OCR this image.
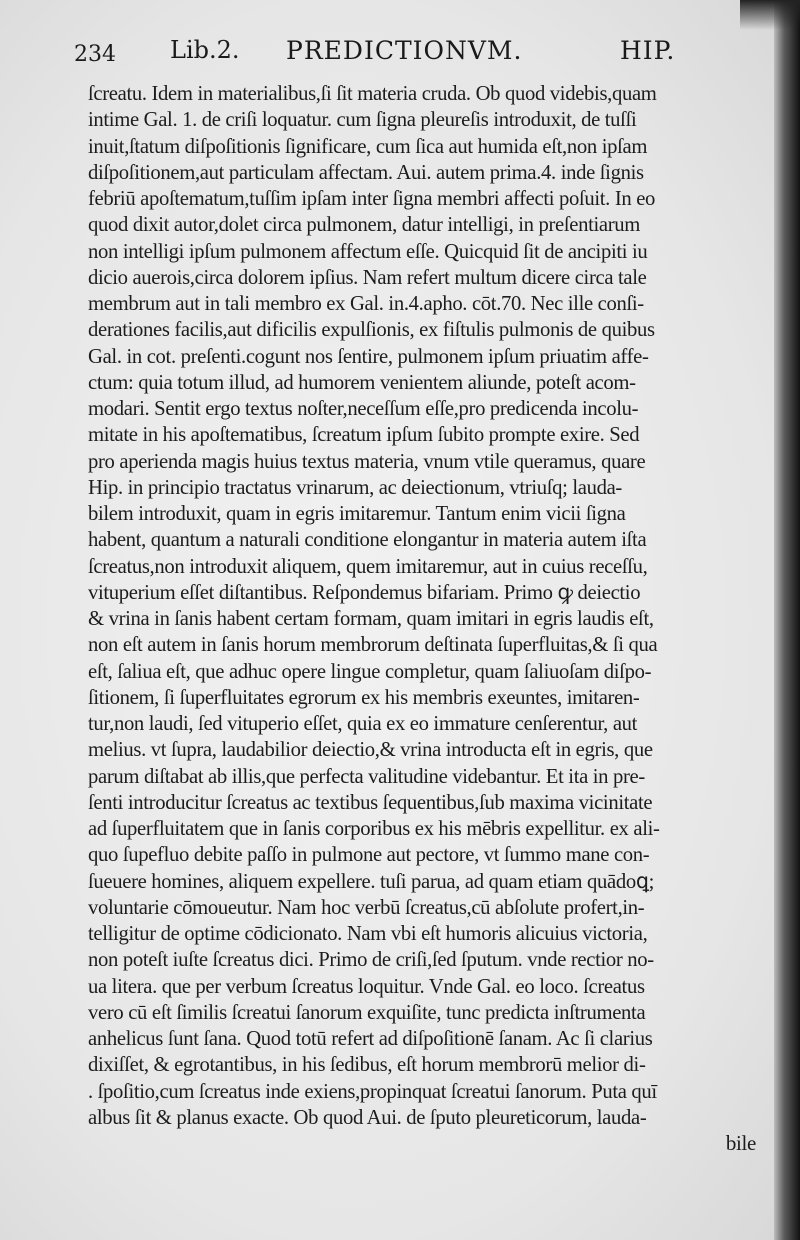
234 Lib.2. PREDICTIONVM.	HIP.
ſcreatu. Idem in materialibus,ſi ſit materia cruda. Ob quod videbis,quam
intime Gal. 1. de criſi loquatur. cum ſigna pleureſis introduxit, de tuſſi
inuit,ſtatum diſpoſitionis ſignificare, cum ſica aut humida eſt,non ipſam
diſpoſitionem,aut particulam affectam. Aui. autem prima.4. inde ſignis
febriū apoſtematum,tuſſim ipſam inter ſigna membri affecti poſuit. In eo
quod dixit autor,dolet circa pulmonem, datur intelligi, in preſentiarum
non intelligi ipſum pulmonem affectum eſſe. Quicquid ſit de ancipiti iu
dicio auerois,circa dolorem ipſius. Nam refert multum dicere circa tale
membrum aut in tali membro ex Gal. in.4.apho. cōt.70. Nec ille conſi-
derationes facilis,aut dificilis expulſionis, ex fiſtulis pulmonis de quibus
Gal. in cot. preſenti.cogunt nos ſentire, pulmonem ipſum priuatim affe-
ctum: quia totum illud, ad humorem venientem aliunde, poteſt acom-
modari. Sentit ergo textus noſter,neceſſum eſſe,pro predicenda incolu-
mitate in his apoſtematibus, ſcreatum ipſum ſubito prompte exire. Sed
pro aperienda magis huius textus materia, vnum vtile queramus, quare
Hip. in principio tractatus vrinarum, ac deiectionum, vtriuſq; lauda-
bilem introduxit, quam in egris imitaremur. Tantum enim vicii ſigna
habent, quantum a naturali conditione elongantur in materia autem iſta
ſcreatus,non introduxit aliquem, quem imitaremur, aut in cuius receſſu,
vituperium eſſet diſtantibus. Reſpondemus bifariam. Primo ꝙ deiectio
& vrina in ſanis habent certam formam, quam imitari in egris laudis eſt,
non eſt autem in ſanis horum membrorum deſtinata ſuperfluitas,& ſi qua
eſt, ſaliua eſt, que adhuc opere lingue completur, quam ſaliuoſam diſpo-
ſitionem, ſi ſuperfluitates egrorum ex his membris exeuntes, imitaren-
tur,non laudi, ſed vituperio eſſet, quia ex eo immature cenſerentur, aut
melius. vt ſupra, laudabilior deiectio,& vrina introducta eſt in egris, que
parum diſtabat ab illis,que perfecta valitudine videbantur. Et ita in pre-
ſenti introducitur ſcreatus ac textibus ſequentibus,ſub maxima vicinitate
ad ſuperfluitatem que in ſanis corporibus ex his mēbris expellitur. ex ali-
quo ſupefluo debite paſſo in pulmone aut pectore, vt ſummo mane con-
ſueuere homines, aliquem expellere. tuſi parua, ad quam etiam quādoꝗ;
voluntarie cōmoueutur. Nam hoc verbū ſcreatus,cū abſolute profert,in-
telligitur de optime cōdicionato. Nam vbi eſt humoris alicuius victoria,
non poteſt iuſte ſcreatus dici. Primo de criſi,ſed ſputum. vnde rectior no-
ua litera. que per verbum ſcreatus loquitur. Vnde Gal. eo loco. ſcreatus
vero cū eſt ſimilis ſcreatui ſanorum exquiſite, tunc predicta inſtrumenta
anhelicus ſunt ſana. Quod totū refert ad diſpoſitionē ſanam. Ac ſi clarius
dixiſſet, & egrotantibus, in his ſedibus, eſt horum membrorū melior di-
. ſpoſitio,cum ſcreatus inde exiens,propinquat ſcreatui ſanorum. Puta quī
albus ſit & planus exacte. Ob quod Aui. de ſputo pleureticorum, lauda-
bile
